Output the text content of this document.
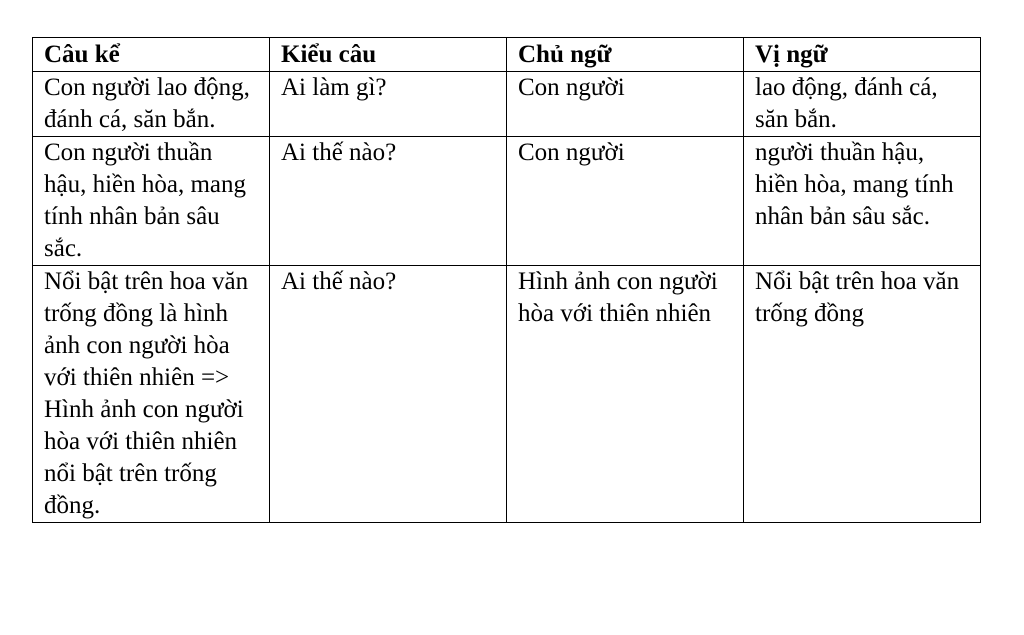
Câu kể	Kiểu câu	Chủ ngữ	Vị ngữ
Con người lao động, đánh cá, săn bắn.	Ai làm gì?	Con người	lao động, đánh cá, săn bắn.
Con người thuần hậu, hiền hòa, mang tính nhân bản sâu sắc.	Ai thế nào?	Con người	người thuần hậu, hiền hòa, mang tính nhân bản sâu sắc.
Nổi bật trên hoa văn trống đồng là hình ảnh con người hòa với thiên nhiên => Hình ảnh con người hòa với thiên nhiên nổi bật trên trống đồng.	Ai thế nào?	Hình ảnh con người hòa với thiên nhiên	Nổi bật trên hoa văn trống đồng
